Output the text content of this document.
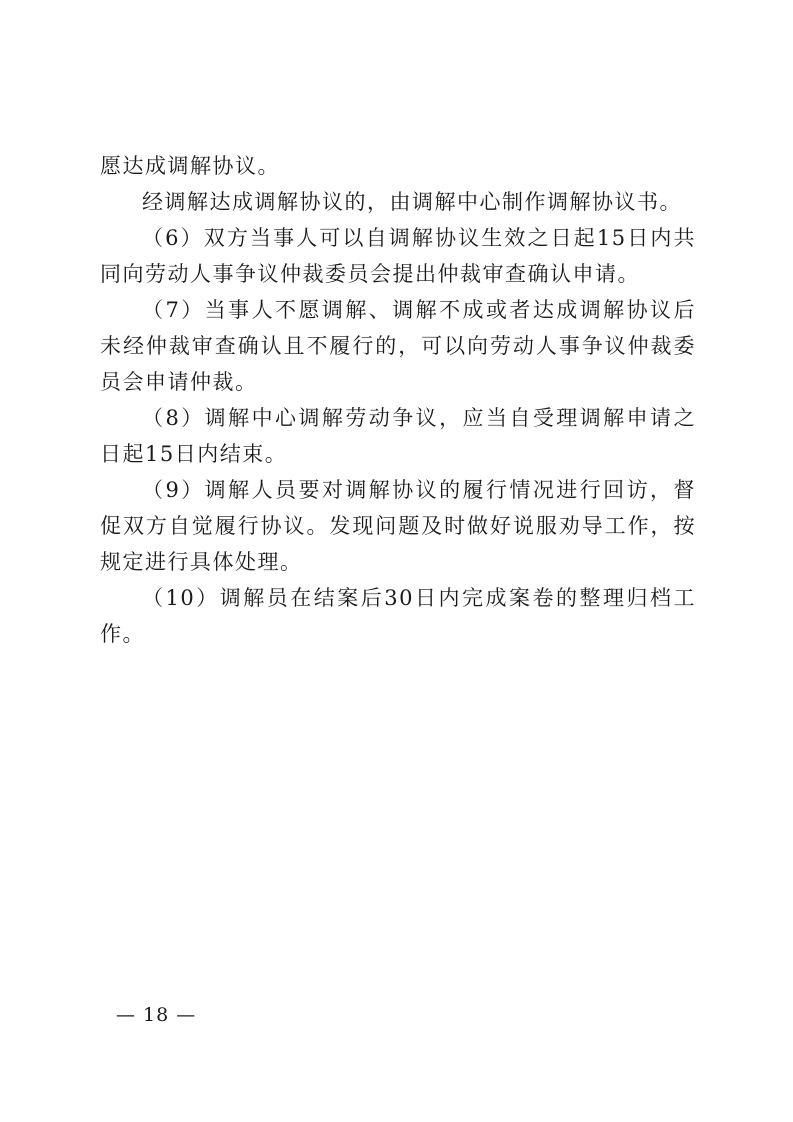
愿达成调解协议。

经调解达成调解协议的，由调解中心制作调解协议书。

（6）双方当事人可以自调解协议生效之日起15日内共同向劳动人事争议仲裁委员会提出仲裁审查确认申请。

（7）当事人不愿调解、调解不成或者达成调解协议后未经仲裁审查确认且不履行的，可以向劳动人事争议仲裁委员会申请仲裁。

（8）调解中心调解劳动争议，应当自受理调解申请之日起15日内结束。

（9）调解人员要对调解协议的履行情况进行回访，督促双方自觉履行协议。发现问题及时做好说服劝导工作，按规定进行具体处理。

（10）调解员在结案后30日内完成案卷的整理归档工作。

— 18 —
